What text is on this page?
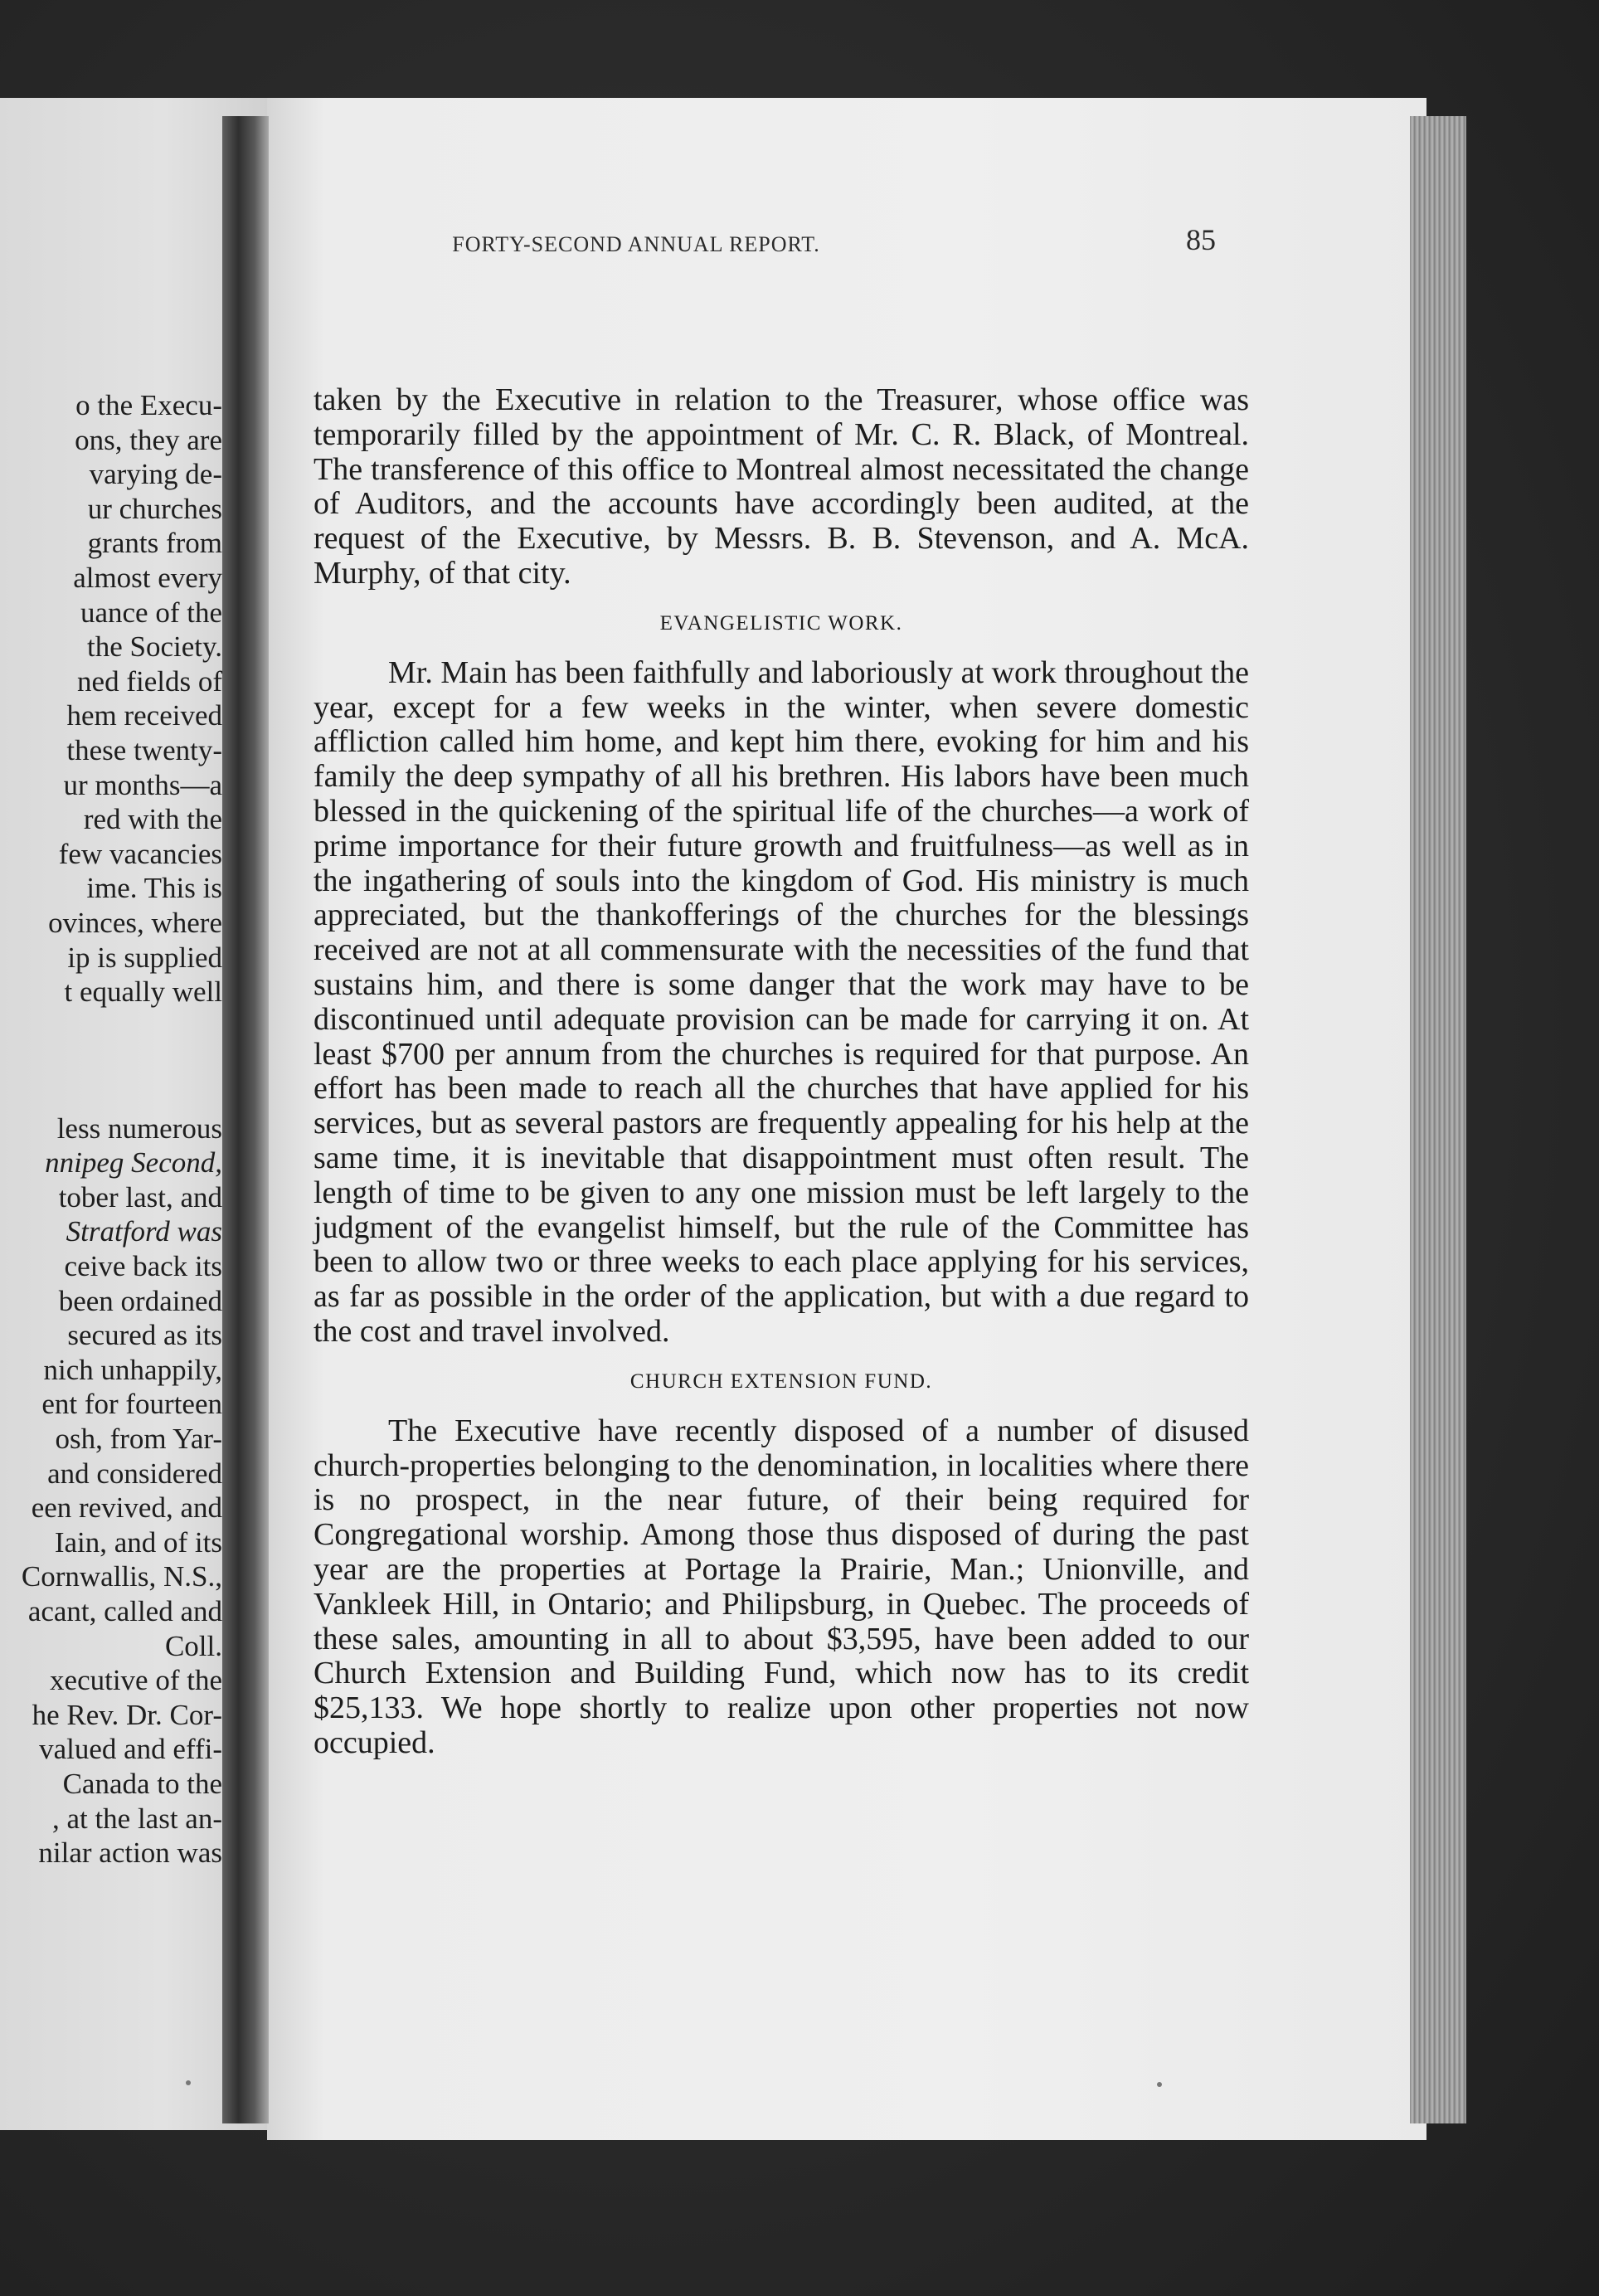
o the Execu-
ons, they are
varying de-
ur churches
grants from
almost every
uance of the
the Society.
ned fields of
hem received
these twenty-
ur months—a
red with the
few vacancies
ime. This is
ovinces, where
ip is supplied
t equally well
less numerous
nnipeg Second,
tober last, and
Stratford was
ceive back its
been ordained
secured as its
nich unhappily,
ent for fourteen
osh, from Yar-
and considered
een revived, and
Iain, and of its
Cornwallis, N.S.,
acant, called and
Coll.
xecutive of the
he Rev. Dr. Cor-
valued and effi-
Canada to the
, at the last an-
nilar action was
FORTY-SECOND ANNUAL REPORT.	85

taken by the Executive in relation to the Treasurer, whose office was temporarily filled by the appointment of Mr. C. R. Black, of Montreal. The transference of this office to Montreal almost necessitated the change of Auditors, and the accounts have accordingly been audited, at the request of the Executive, by Messrs. B. B. Stevenson, and A. McA. Murphy, of that city.

EVANGELISTIC WORK.

Mr. Main has been faithfully and laboriously at work throughout the year, except for a few weeks in the winter, when severe domestic affliction called him home, and kept him there, evoking for him and his family the deep sympathy of all his brethren. His labors have been much blessed in the quickening of the spiritual life of the churches—a work of prime importance for their future growth and fruitfulness—as well as in the ingathering of souls into the kingdom of God. His ministry is much appreciated, but the thankofferings of the churches for the blessings received are not at all commensurate with the necessities of the fund that sustains him, and there is some danger that the work may have to be discontinued until adequate provision can be made for carrying it on. At least $700 per annum from the churches is required for that purpose. An effort has been made to reach all the churches that have applied for his services, but as several pastors are frequently appealing for his help at the same time, it is inevitable that disappointment must often result. The length of time to be given to any one mission must be left largely to the judgment of the evangelist himself, but the rule of the Committee has been to allow two or three weeks to each place applying for his services, as far as possible in the order of the application, but with a due regard to the cost and travel involved.

CHURCH EXTENSION FUND.

The Executive have recently disposed of a number of disused church-properties belonging to the denomination, in localities where there is no prospect, in the near future, of their being required for Congregational worship. Among those thus disposed of during the past year are the properties at Portage la Prairie, Man.; Unionville, and Vankleek Hill, in Ontario; and Philipsburg, in Quebec. The proceeds of these sales, amounting in all to about $3,595, have been added to our Church Extension and Building Fund, which now has to its credit $25,133. We hope shortly to realize upon other properties not now occupied.
